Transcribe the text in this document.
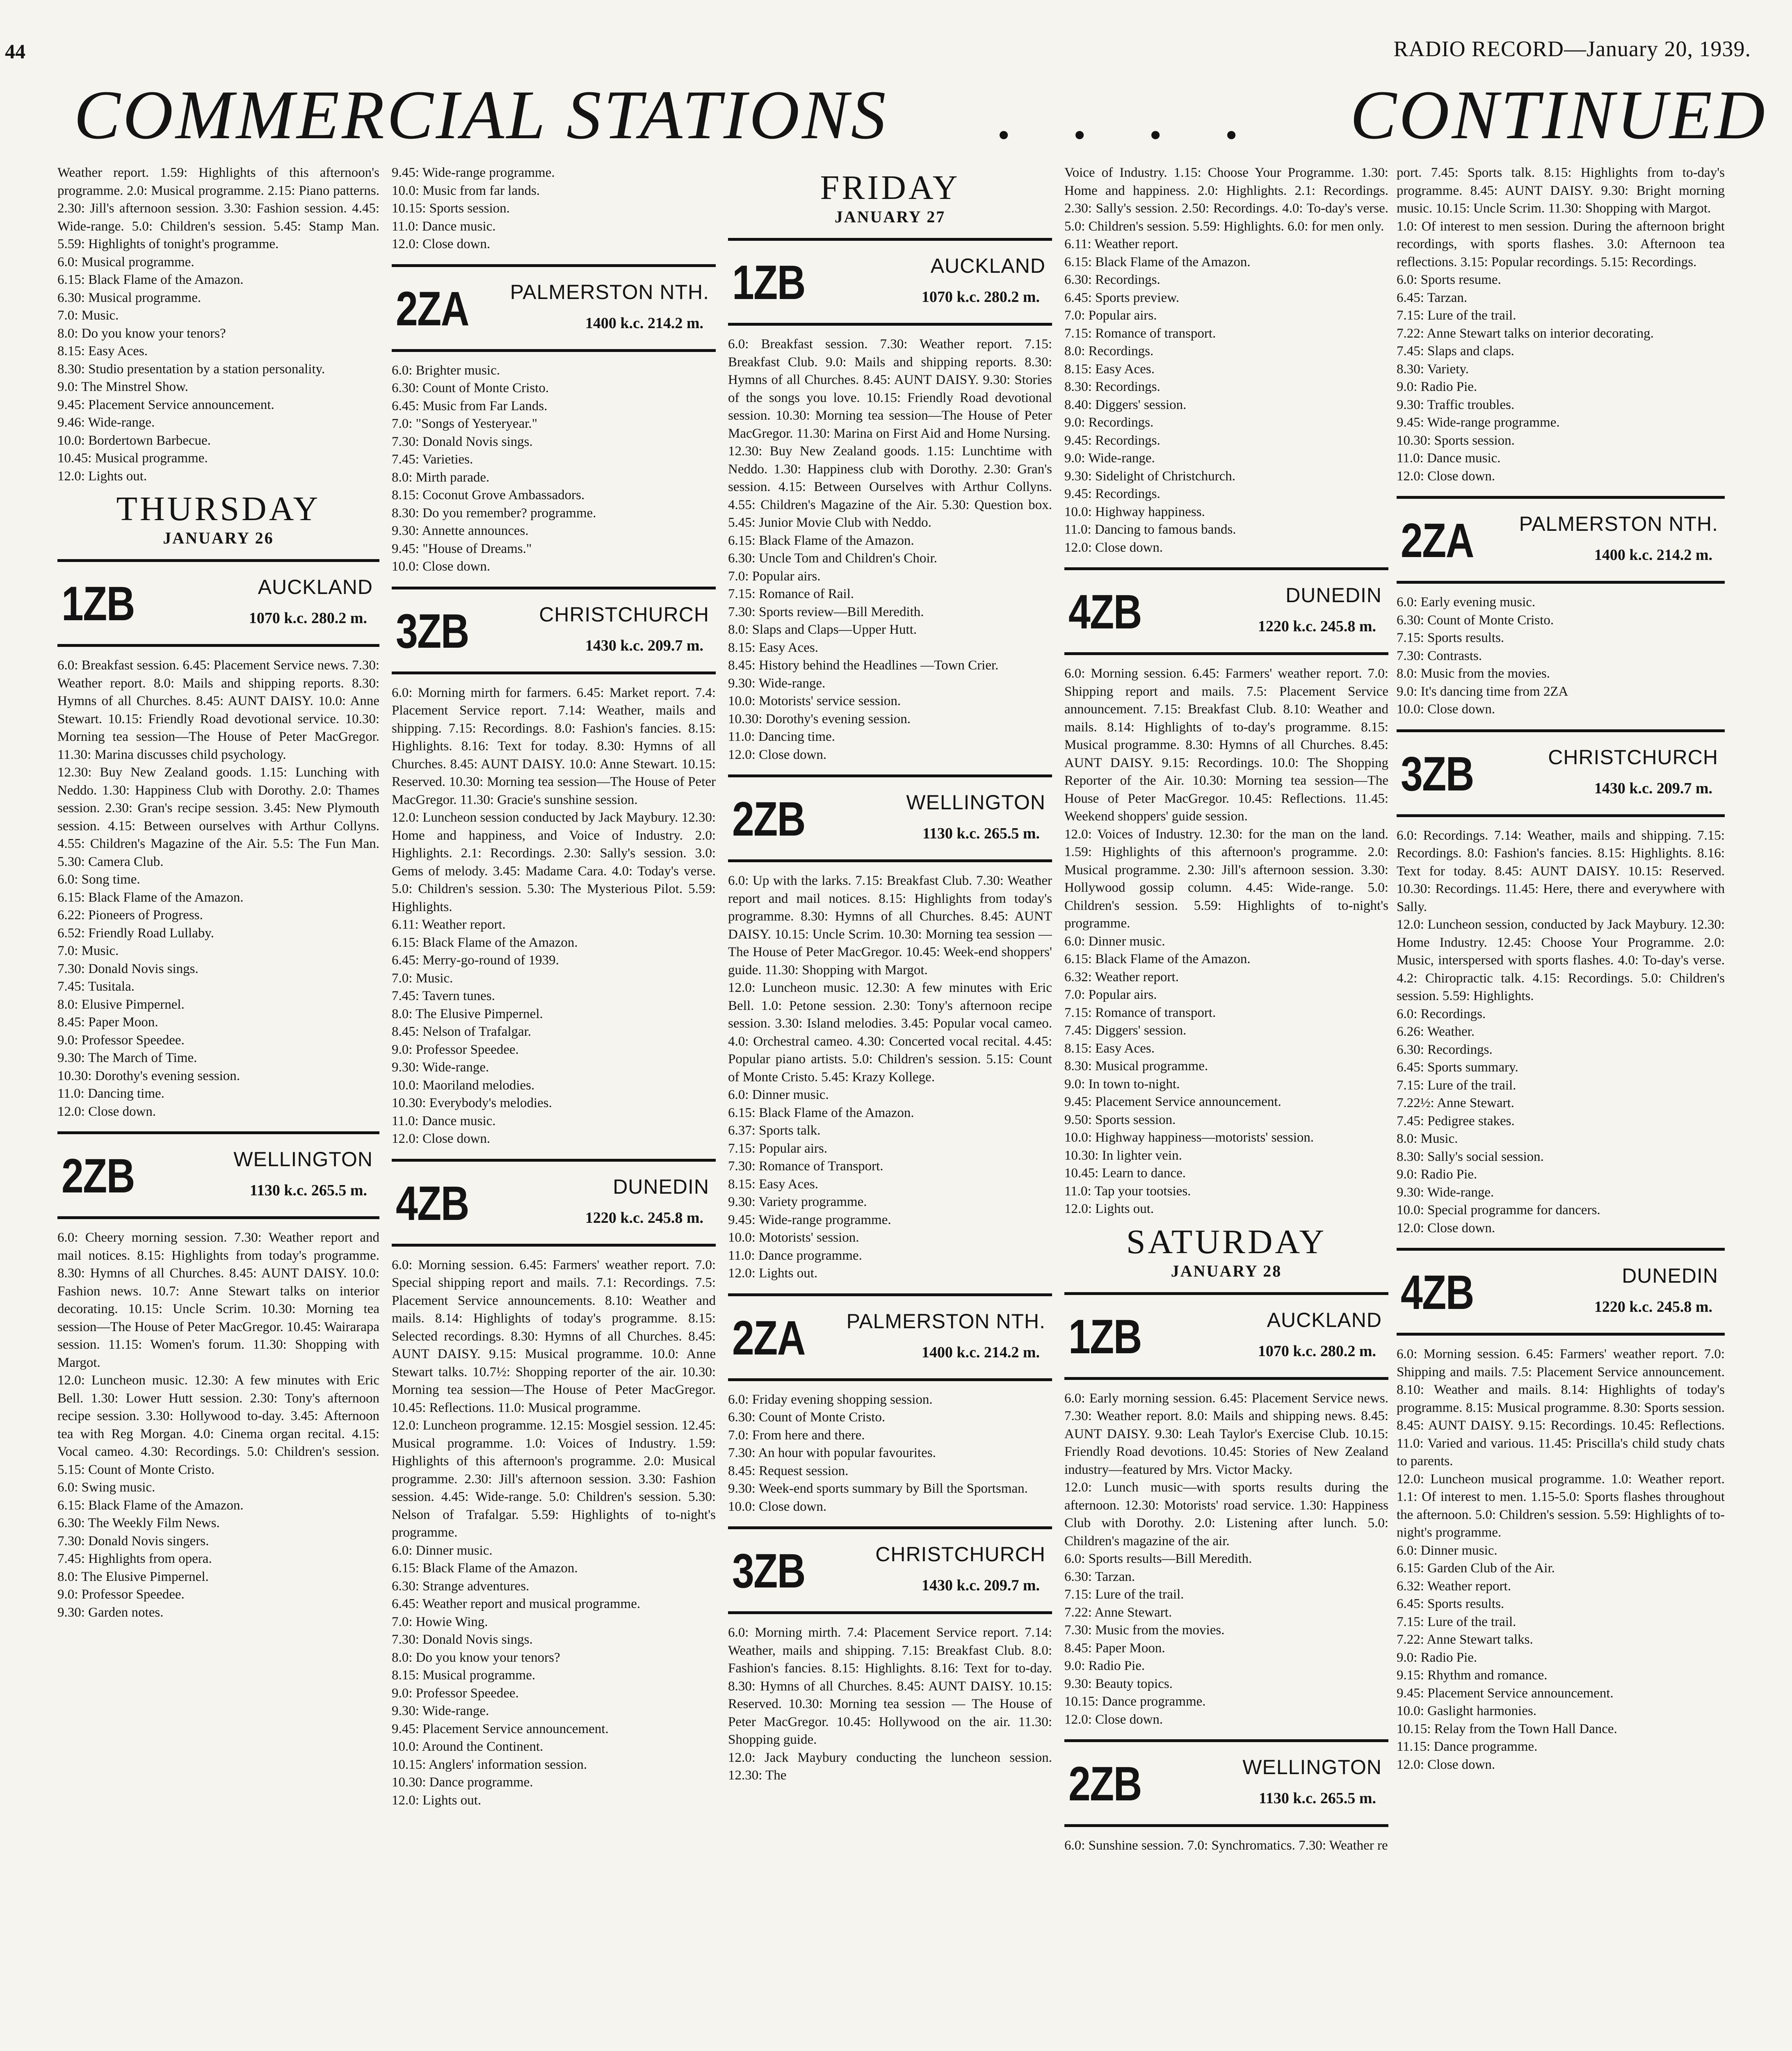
44	RADIO RECORD—January 20, 1939.
COMMERCIAL STATIONS . . . . CONTINUED

Weather report. 1.59: Highlights of this afternoon's programme. 2.0: Musical programme. 2.15: Piano patterns. 2.30: Jill's afternoon session. 3.30: Fashion session. 4.45: Wide-range. 5.0: Children's session. 5.45: Stamp Man. 5.59: Highlights of tonight's programme.

6.0: Musical programme.
6.15: Black Flame of the Amazon.
6.30: Musical programme.
7.0: Music.
8.0: Do you know your tenors?
8.15: Easy Aces.
8.30: Studio presentation by a station personality.
9.0: The Minstrel Show.
9.45: Placement Service announcement.
9.46: Wide-range.
10.0: Bordertown Barbecue.
10.45: Musical programme.
12.0: Lights out.

THURSDAY
JANUARY 26
1ZB	AUCKLAND
1070 k.c. 280.2 m.

6.0: Breakfast session. 6.45: Placement Service news. 7.30: Weather report. 8.0: Mails and shipping reports. 8.30: Hymns of all Churches. 8.45: AUNT DAISY. 10.0: Anne Stewart. 10.15: Friendly Road devotional service. 10.30: Morning tea session—The House of Peter MacGregor. 11.30: Marina discusses child psychology.

12.30: Buy New Zealand goods. 1.15: Lunching with Neddo. 1.30: Happiness Club with Dorothy. 2.0: Thames session. 2.30: Gran's recipe session. 3.45: New Plymouth session. 4.15: Between ourselves with Arthur Collyns. 4.55: Children's Magazine of the Air. 5.5: The Fun Man. 5.30: Camera Club.
6.0: Song time.
6.15: Black Flame of the Amazon.
6.22: Pioneers of Progress.
6.52: Friendly Road Lullaby.
7.0: Music.
7.30: Donald Novis sings.
7.45: Tusitala.
8.0: Elusive Pimpernel.
8.45: Paper Moon.
9.0: Professor Speedee.
9.30: The March of Time.
10.30: Dorothy's evening session.
11.0: Dancing time.
12.0: Close down.

2ZB	WELLINGTON
1130 k.c. 265.5 m.

6.0: Cheery morning session. 7.30: Weather report and mail notices. 8.15: Highlights from today's programme. 8.30: Hymns of all Churches. 8.45: AUNT DAISY. 10.0: Fashion news. 10.7: Anne Stewart talks on interior decorating. 10.15: Uncle Scrim. 10.30: Morning tea session—The House of Peter MacGregor. 10.45: Wairarapa session. 11.15: Women's forum. 11.30: Shopping with Margot.

12.0: Luncheon music. 12.30: A few minutes with Eric Bell. 1.30: Lower Hutt session. 2.30: Tony's afternoon recipe session. 3.30: Hollywood to-day. 3.45: Afternoon tea with Reg Morgan. 4.0: Cinema organ recital. 4.15: Vocal cameo. 4.30: Recordings. 5.0: Children's session. 5.15: Count of Monte Cristo.
6.0: Swing music.
6.15: Black Flame of the Amazon.
6.30: The Weekly Film News.
7.30: Donald Novis singers.
7.45: Highlights from opera.
8.0: The Elusive Pimpernel.
9.0: Professor Speedee.
9.30: Garden notes.

9.45: Wide-range programme.
10.0: Music from far lands.
10.15: Sports session.
11.0: Dance music.
12.0: Close down.

2ZA PALMERSTON NTH.
1400 k.c. 214.2 m.

6.0: Brighter music.
6.30: Count of Monte Cristo.
6.45: Music from Far Lands.
7.0: "Songs of Yesteryear."
7.30: Donald Novis sings.
7.45: Varieties.
8.0: Mirth parade.
8.15: Coconut Grove Ambassadors.
8.30: Do you remember? programme.
9.30: Annette announces.
9.45: "House of Dreams."
10.0: Close down.

3ZB	CHRISTCHURCH
1430 k.c. 209.7 m.

6.0: Morning mirth for farmers. 6.45: Market report. 7.4: Placement Service report. 7.14: Weather, mails and shipping. 7.15: Recordings. 8.0: Fashion's fancies. 8.15: Highlights. 8.16: Text for today. 8.30: Hymns of all Churches. 8.45: AUNT DAISY. 10.0: Anne Stewart. 10.15: Reserved. 10.30: Morning tea session—The House of Peter MacGregor. 11.30: Gracie's sunshine session.

12.0: Luncheon session conducted by Jack Maybury. 12.30: Home and happiness, and Voice of Industry. 2.0: Highlights. 2.1: Recordings. 2.30: Sally's session. 3.0: Gems of melody. 3.45: Madame Cara. 4.0: Today's verse. 5.0: Children's session. 5.30: The Mysterious Pilot. 5.59: Highlights.
6.11: Weather report.
6.15: Black Flame of the Amazon.
6.45: Merry-go-round of 1939.
7.0: Music.
7.45: Tavern tunes.
8.0: The Elusive Pimpernel.
8.45: Nelson of Trafalgar.
9.0: Professor Speedee.
9.30: Wide-range.
10.0: Maoriland melodies.
10.30: Everybody's melodies.
11.0: Dance music.
12.0: Close down.

4ZB	DUNEDIN
1220 k.c. 245.8 m.

6.0: Morning session. 6.45: Farmers' weather report. 7.0: Special shipping report and mails. 7.1: Recordings. 7.5: Placement Service announcements. 8.10: Weather and mails. 8.14: Highlights of today's programme. 8.15: Selected recordings. 8.30: Hymns of all Churches. 8.45: AUNT DAISY. 9.15: Musical programme. 10.0: Anne Stewart talks. 10.7½: Shopping reporter of the air. 10.30: Morning tea session—The House of Peter MacGregor. 10.45: Reflections. 11.0: Musical programme.

12.0: Luncheon programme. 12.15: Mosgiel session. 12.45: Musical programme. 1.0: Voices of Industry. 1.59: Highlights of this afternoon's programme. 2.0: Musical programme. 2.30: Jill's afternoon session. 3.30: Fashion session. 4.45: Wide-range. 5.0: Children's session. 5.30: Nelson of Trafalgar. 5.59: Highlights of to-night's programme.
6.0: Dinner music.
6.15: Black Flame of the Amazon.
6.30: Strange adventures.
6.45: Weather report and musical programme.
7.0: Howie Wing.
7.30: Donald Novis sings.
8.0: Do you know your tenors?
8.15: Musical programme.
9.0: Professor Speedee.
9.30: Wide-range.
9.45: Placement Service announcement.
10.0: Around the Continent.
10.15: Anglers' information session.
10.30: Dance programme.
12.0: Lights out.

FRIDAY
JANUARY 27
1ZB	AUCKLAND
1070 k.c. 280.2 m.

6.0: Breakfast session. 7.30: Weather report. 7.15: Breakfast Club. 9.0: Mails and shipping reports. 8.30: Hymns of all Churches. 8.45: AUNT DAISY. 9.30: Stories of the songs you love. 10.15: Friendly Road devotional session. 10.30: Morning tea session—The House of Peter MacGregor. 11.30: Marina on First Aid and Home Nursing.

12.30: Buy New Zealand goods. 1.15: Lunchtime with Neddo. 1.30: Happiness club with Dorothy. 2.30: Gran's session. 4.15: Between Ourselves with Arthur Collyns. 4.55: Children's Magazine of the Air. 5.30: Question box. 5.45: Junior Movie Club with Neddo.
6.15: Black Flame of the Amazon.
6.30: Uncle Tom and Children's Choir.
7.0: Popular airs.
7.15: Romance of Rail.
7.30: Sports review—Bill Meredith.
8.0: Slaps and Claps—Upper Hutt.
8.15: Easy Aces.
8.45: History behind the Headlines —Town Crier.
9.30: Wide-range.
10.0: Motorists' service session.
10.30: Dorothy's evening session.
11.0: Dancing time.
12.0: Close down.

2ZB	WELLINGTON
1130 k.c. 265.5 m.

6.0: Up with the larks. 7.15: Breakfast Club. 7.30: Weather report and mail notices. 8.15: Highlights from today's programme. 8.30: Hymns of all Churches. 8.45: AUNT DAISY. 10.15: Uncle Scrim. 10.30: Morning tea session — The House of Peter MacGregor. 10.45: Week-end shoppers' guide. 11.30: Shopping with Margot.

12.0: Luncheon music. 12.30: A few minutes with Eric Bell. 1.0: Petone session. 2.30: Tony's afternoon recipe session. 3.30: Island melodies. 3.45: Popular vocal cameo. 4.0: Orchestral cameo. 4.30: Concerted vocal recital. 4.45: Popular piano artists. 5.0: Children's session. 5.15: Count of Monte Cristo. 5.45: Krazy Kollege.
6.0: Dinner music.
6.15: Black Flame of the Amazon.
6.37: Sports talk.
7.15: Popular airs.
7.30: Romance of Transport.
8.15: Easy Aces.
9.30: Variety programme.
9.45: Wide-range programme.
10.0: Motorists' session.
11.0: Dance programme.
12.0: Lights out.

2ZA PALMERSTON NTH.
1400 k.c. 214.2 m.

6.0: Friday evening shopping session.
6.30: Count of Monte Cristo.
7.0: From here and there.
7.30: An hour with popular favourites.
8.45: Request session.
9.30: Week-end sports summary by Bill the Sportsman.
10.0: Close down.

3ZB	CHRISTCHURCH
1430 k.c. 209.7 m.

6.0: Morning mirth. 7.4: Placement Service report. 7.14: Weather, mails and shipping. 7.15: Breakfast Club. 8.0: Fashion's fancies. 8.15: Highlights. 8.16: Text for to-day. 8.30: Hymns of all Churches. 8.45: AUNT DAISY. 10.15: Reserved. 10.30: Morning tea session — The House of Peter MacGregor. 10.45: Hollywood on the air. 11.30: Shopping guide.
12.0: Jack Maybury conducting the luncheon session. 12.30: The

Voice of Industry. 1.15: Choose Your Programme. 1.30: Home and happiness. 2.0: Highlights. 2.1: Recordings. 2.30: Sally's session. 2.50: Recordings. 4.0: To-day's verse. 5.0: Children's session. 5.59: Highlights. 6.0: for men only.
6.11: Weather report.
6.15: Black Flame of the Amazon.
6.30: Recordings.
6.45: Sports preview.
7.0: Popular airs.
7.15: Romance of transport.
8.0: Recordings.
8.15: Easy Aces.
8.30: Recordings.
8.40: Diggers' session.
9.0: Recordings.
9.45: Recordings.
9.0: Wide-range.
9.30: Sidelight of Christchurch.
9.45: Recordings.
10.0: Highway happiness.
11.0: Dancing to famous bands.
12.0: Close down.

4ZB	DUNEDIN
1220 k.c. 245.8 m.

6.0: Morning session. 6.45: Farmers' weather report. 7.0: Shipping report and mails. 7.5: Placement Service announcement. 7.15: Breakfast Club. 8.10: Weather and mails. 8.14: Highlights of to-day's programme. 8.15: Musical programme. 8.30: Hymns of all Churches. 8.45: AUNT DAISY. 9.15: Recordings. 10.0: The Shopping Reporter of the Air. 10.30: Morning tea session—The House of Peter MacGregor. 10.45: Reflections. 11.45: Weekend shoppers' guide session.

12.0: Voices of Industry. 12.30: for the man on the land. 1.59: Highlights of this afternoon's programme. 2.0: Musical programme. 2.30: Jill's afternoon session. 3.30: Hollywood gossip column. 4.45: Wide-range. 5.0: Children's session. 5.59: Highlights of to-night's programme.
6.0: Dinner music.
6.15: Black Flame of the Amazon.
6.32: Weather report.
7.0: Popular airs.
7.15: Romance of transport.
7.45: Diggers' session.
8.15: Easy Aces.
8.30: Musical programme.
9.0: In town to-night.
9.45: Placement Service announcement.
9.50: Sports session.
10.0: Highway happiness—motorists' session.
10.30: In lighter vein.
10.45: Learn to dance.
11.0: Tap your tootsies.
12.0: Lights out.

SATURDAY
JANUARY 28
1ZB	AUCKLAND
1070 k.c. 280.2 m.

6.0: Early morning session. 6.45: Placement Service news. 7.30: Weather report. 8.0: Mails and shipping news. 8.45: AUNT DAISY. 9.30: Leah Taylor's Exercise Club. 10.15: Friendly Road devotions. 10.45: Stories of New Zealand industry—featured by Mrs. Victor Macky.

12.0: Lunch music—with sports results during the afternoon. 12.30: Motorists' road service. 1.30: Happiness Club with Dorothy. 2.0: Listening after lunch. 5.0: Children's magazine of the air.
6.0: Sports results—Bill Meredith.
6.30: Tarzan.
7.15: Lure of the trail.
7.22: Anne Stewart.
7.30: Music from the movies.
8.45: Paper Moon.
9.0: Radio Pie.
9.30: Beauty topics.
10.15: Dance programme.
12.0: Close down.

2ZB	WELLINGTON
1130 k.c. 265.5 m.

6.0: Sunshine session. 7.0: Synchromatics. 7.30: Weather re

port. 7.45: Sports talk. 8.15: Highlights from to-day's programme. 8.45: AUNT DAISY. 9.30: Bright morning music. 10.15: Uncle Scrim. 11.30: Shopping with Margot.
1.0: Of interest to men session. During the afternoon bright recordings, with sports flashes. 3.0: Afternoon tea reflections. 3.15: Popular recordings. 5.15: Recordings.
6.0: Sports resume.
6.45: Tarzan.
7.15: Lure of the trail.
7.22: Anne Stewart talks on interior decorating.
7.45: Slaps and claps.
8.30: Variety.
9.0: Radio Pie.
9.30: Traffic troubles.
9.45: Wide-range programme.
10.30: Sports session.
11.0: Dance music.
12.0: Close down.

2ZA PALMERSTON NTH.
1400 k.c. 214.2 m.

6.0: Early evening music.
6.30: Count of Monte Cristo.
7.15: Sports results.
7.30: Contrasts.
8.0: Music from the movies.
9.0: It's dancing time from 2ZA
10.0: Close down.

3ZB	CHRISTCHURCH
1430 k.c. 209.7 m.

6.0: Recordings. 7.14: Weather, mails and shipping. 7.15: Recordings. 8.0: Fashion's fancies. 8.15: Highlights. 8.16: Text for today. 8.45: AUNT DAISY. 10.15: Reserved. 10.30: Recordings. 11.45: Here, there and everywhere with Sally.
12.0: Luncheon session, conducted by Jack Maybury. 12.30: Home Industry. 12.45: Choose Your Programme. 2.0: Music, interspersed with sports flashes. 4.0: To-day's verse. 4.2: Chiropractic talk. 4.15: Recordings. 5.0: Children's session. 5.59: Highlights.
6.0: Recordings.
6.26: Weather.
6.30: Recordings.
6.45: Sports summary.
7.15: Lure of the trail.
7.22½: Anne Stewart.
7.45: Pedigree stakes.
8.0: Music.
8.30: Sally's social session.
9.0: Radio Pie.
9.30: Wide-range.
10.0: Special programme for dancers.
12.0: Close down.

4ZB	DUNEDIN
1220 k.c. 245.8 m.

6.0: Morning session. 6.45: Farmers' weather report. 7.0: Shipping and mails. 7.5: Placement Service announcement. 8.10: Weather and mails. 8.14: Highlights of today's programme. 8.15: Musical programme. 8.30: Sports session. 8.45: AUNT DAISY. 9.15: Recordings. 10.45: Reflections. 11.0: Varied and various. 11.45: Priscilla's child study chats to parents.
12.0: Luncheon musical programme. 1.0: Weather report. 1.1: Of interest to men. 1.15-5.0: Sports flashes throughout the afternoon. 5.0: Children's session. 5.59: Highlights of to-night's programme.
6.0: Dinner music.
6.15: Garden Club of the Air.
6.32: Weather report.
6.45: Sports results.
7.15: Lure of the trail.
7.22: Anne Stewart talks.
9.0: Radio Pie.
9.15: Rhythm and romance.
9.45: Placement Service announcement.
10.0: Gaslight harmonies.
10.15: Relay from the Town Hall Dance.
11.15: Dance programme.
12.0: Close down.
